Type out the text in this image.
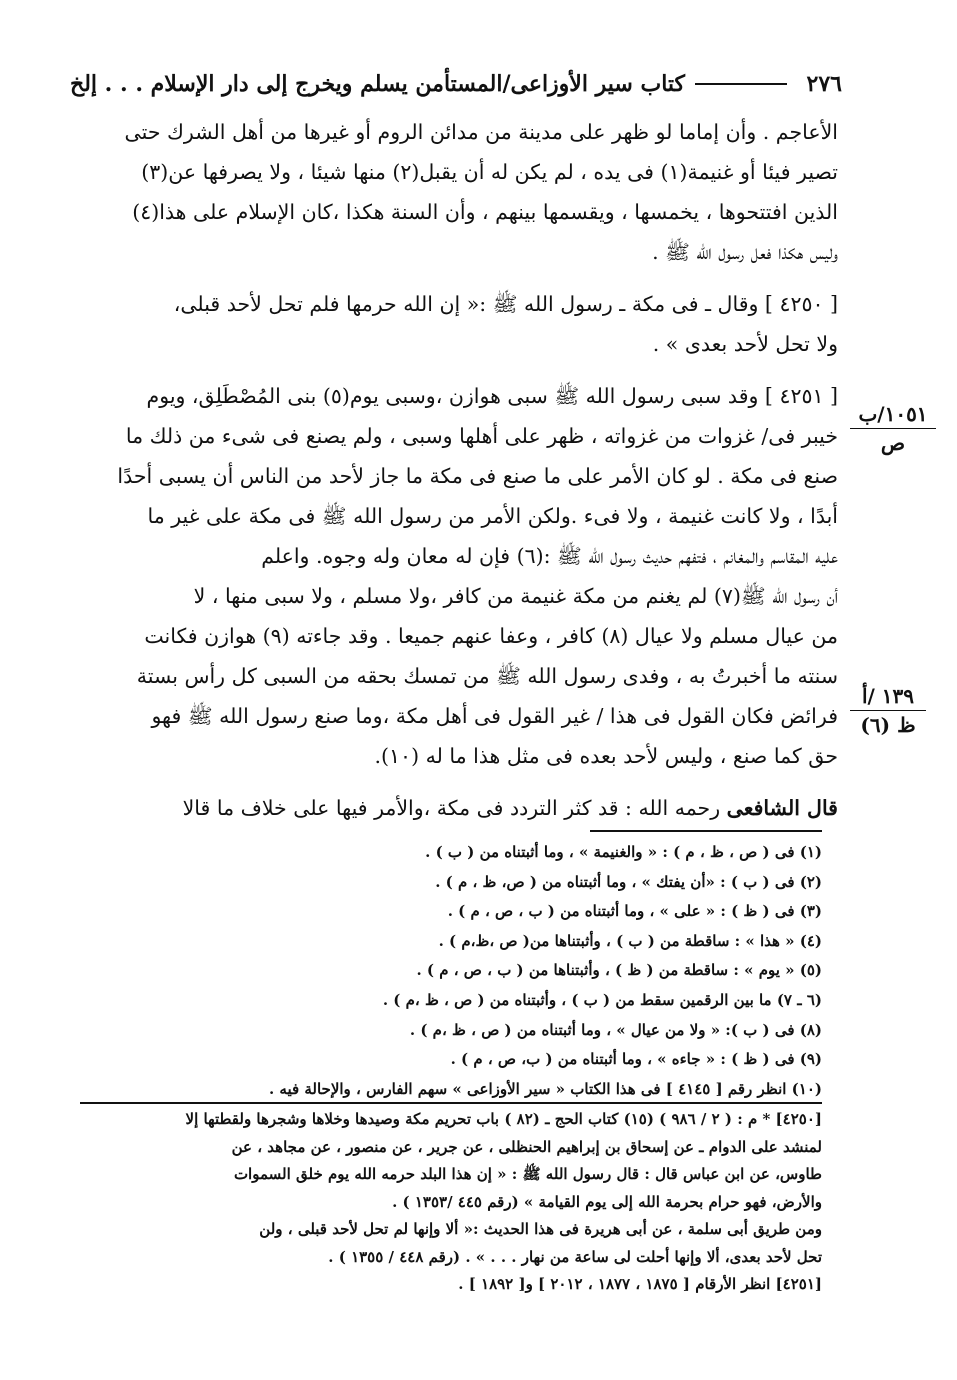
٢٧٦
كتاب سير الأوزاعى/المستأمن يسلم ويخرج إلى دار الإسلام . . . إلخ

الأعاجم . وأن إماما لو ظهر على مدينة من مدائن الروم أو غيرها من أهل الشرك حتى

تصير فيئا أو غنيمة(١) فى يده ، لم يكن له أن يقبل(٢) منها شيئا ، ولا يصرفها عن(٣)

الذين افتتحوها ، يخمسها ، ويقسمها بينهم ، وأن السنة هكذا ،كان الإسلام على هذا(٤)

وليس هكذا فعل رسول الله ﷺ .

[ ٤٢٥٠ ] وقال ـ فى مكة ـ رسول الله ﷺ :« إن الله حرمها فلم تحل لأحد قبلى،

ولا تحل لأحد بعدى » .

[ ٤٢٥١ ] وقد سبى رسول الله ﷺ سبى هوازن ،وسبى يوم(٥) بنى المُصْطَلِق، ويوم

خيبر فى/ غزوات من غزواته ، ظهر على أهلها وسبى ، ولم يصنع فى شىء من ذلك ما

صنع فى مكة . لو كان الأمر على ما صنع فى مكة ما جاز لأحد من الناس أن يسبى أحدًا

أبدًا ، ولا كانت غنيمة ، ولا فىء .ولكن الأمر من رسول الله ﷺ فى مكة على غير ما

عليه المقاسم والمغانم ، فتفهم حديث رسول الله ﷺ :(٦) فإن له معان وله وجوه. واعلم

أن رسول الله ﷺ(٧) لم يغنم من مكة غنيمة من كافر ،ولا مسلم ، ولا سبى منها ، لا

من عيال مسلم ولا عيال (٨) كافر ، وعفا عنهم جميعا . وقد جاءته (٩) هوازن فكانت

سنته ما أخبرتُ به ، وفدى رسول الله ﷺ من تمسك بحقه من السبى كل رأس بستة

فرائض فكان القول فى هذا / غير القول فى أهل مكة ،وما صنع رسول الله ﷺ فهو

حق كما صنع ، وليس لأحد بعده فى مثل هذا ما له (١٠).

قال الشافعى رحمه الله : قد كثر التردد فى مكة ،والأمر فيها على خلاف ما قالا

١٠٥١/ب
ص
١٣٩ /أ
ظ (٦)
(١) فى ( ص ، ظ ، م ) : « والغنيمة » ، وما أثبتناه من ( ب ) .
(٢) فى ( ب ) : «أن يفتك » ، وما أثبتناه من ( ص، ظ ، م ) .
(٣) فى ( ظ ) : « على » ، وما أثبتناه من ( ب ، ص ، م ) .
(٤) « هذا » : ساقطة من ( ب ) ، وأثبتناها من( ص ،ظ،م ) .
(٥) « يوم » : ساقطة من ( ظ ) ، وأثبتناها من ( ب ، ص ، م ) .
(٦ ـ ٧) ما بين الرقمين سقط من ( ب ) ، وأثبتناه من ( ص ، ظ ،م ) .
(٨) فى ( ب ): « ولا من عيال » ، وما أثبتناه من ( ص ، ظ ،م ) .
(٩) فى ( ظ ) : « جاءه » ، وما أثبتناه من ( ب، ص ، م ) .
(١٠) انظر رقم [ ٤١٤٥ ] فى هذا الكتاب « سير الأوزاعى » سهم الفارس ، والإحالة فيه .
[٤٢٥٠] * م : ( ٢ / ٩٨٦ ) (١٥) كتاب الحج ـ (٨٢ ) باب تحريم مكة وصيدها وخلاها وشجرها ولقطتها إلا
لمنشد على الدوام ـ عن إسحاق بن إبراهيم الحنظلى ، عن جرير ، عن منصور ، عن مجاهد ، عن
طاوس، عن ابن عباس قال : قال رسول الله ﷺ : « إن هذا البلد حرمه الله يوم خلق السموات
والأرض، فهو حرام بحرمة الله إلى يوم القيامة » (رقم ٤٤٥ /١٣٥٣ ) .
ومن طريق أبى سلمة ، عن أبى هريرة فى هذا الحديث :« ألا وإنها لم تحل لأحد قبلى ، ولن
تحل لأحد بعدى، ألا وإنها أحلت لى ساعة من نهار . . . » . (رقم ٤٤٨ / ١٣٥٥ ) .
[٤٢٥١] انظر الأرقام [ ١٨٧٥ ، ١٨٧٧ ، ٢٠١٢ ] و[ ١٨٩٢ ] .
